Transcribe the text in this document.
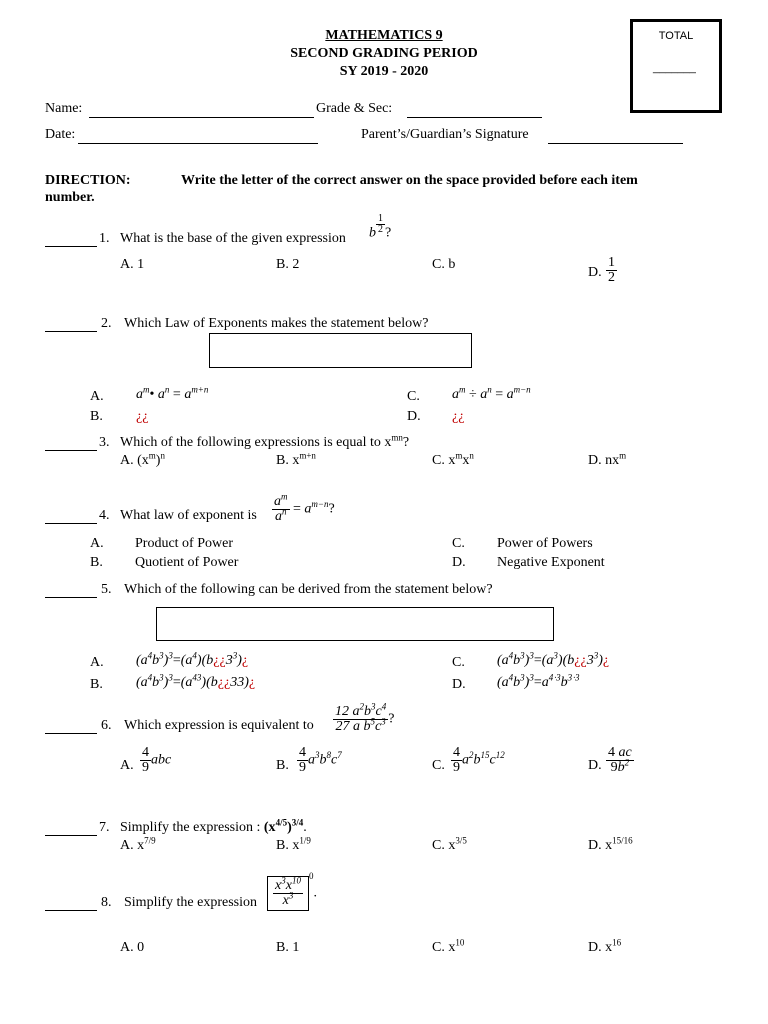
MATHEMATICS 9
SECOND GRADING PERIOD
SY 2019 - 2020
TOTAL
_______
Name:	Grade & Sec:
Date:	Parent’s/Guardian’s Signature
DIRECTION:	Write the letter of the correct answer on the space provided before each item
number.
1. What is the base of the given expression b $^{\frac{1}{2}}$ ?
A. 1	B. 2	C. b
D. $\frac{1}{2}$
2. Which Law of Exponents makes the statement below?
A. $a^m•$ $a^n = a^{m+n}$
B. ¿¿
C. $a^m \div a^n = a^{m-n}$
D. ¿¿
3. Which of the following expressions is equal to $x^{mn}$?
A. $(x^m)^n$	B. $x^{m+n}$	C. $x^mx^n$	D. $nx^m$
4. What law of exponent is $\frac{a^m}{a^n} = a^{m-n}$?
A. Product of Power
B. Quotient of Power
C. Power of Powers
D. Negative Exponent
5. Which of the following can be derived from the statement below?
A. $(a^4b^3)^3=(a^4)(b¿¿3^3)¿$
B. $(a^4b^3)^3=(a^{43})(b¿¿33)¿$
C. $(a^4b^3)^3=(a^3)(b¿¿3^3)¿$
D. $(a^4b^3)^3=a^{4\cdot 3}b^{3\cdot 3}$
6. Which expression is equivalent to $\frac{12 a^2b^3c^4}{27 a b^5c^3}$ ?
A. $\frac{4}{9}$ abc	B. $\frac{4}{9} a^3b^8c^7$
C. $\frac{4}{9} a^2b^{15}c^{12}$
D. $\frac{4 ac}{9b^2}$
7. Simplify the expression : $(x^{4/5})^{3/4}$.
A. $x^{7/9}$	B. $x^{1/9}$	C. $x^{3/5}$	D. $x^{15/16}$
8. Simplify the expression $\frac{x^3x^{10}}{x^3}$
$^0$.
A. 0	B. 1	C. $x^{10}$	D. $x^{16}$
